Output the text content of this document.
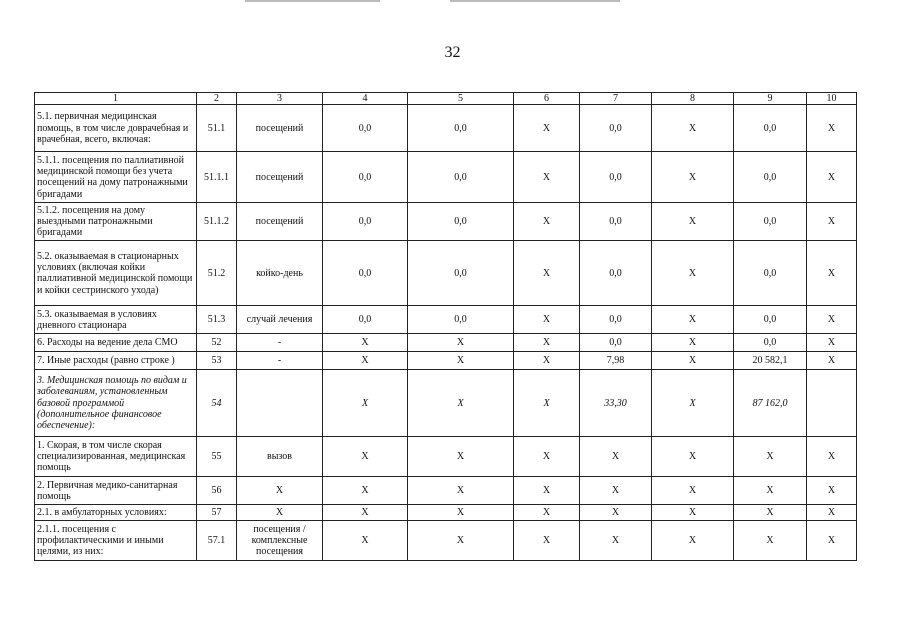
32
1	2	3	4	5	6	7	8	9	10
5.1. первичная медицинская помощь, в том числе доврачебная и врачебная, всего, включая:	51.1	посещений	0,0	0,0	X	0,0	X	0,0	X
5.1.1. посещения по паллиативной медицинской помощи без учета посещений на дому патронажными бригадами	51.1.1	посещений	0,0	0,0	X	0,0	X	0,0	X
5.1.2. посещения на дому выездными патронажными бригадами	51.1.2	посещений	0,0	0,0	X	0,0	X	0,0	X
5.2. оказываемая в стационарных условиях (включая койки паллиативной медицинской помощи и койки сестринского ухода)	51.2	койко-день	0,0	0,0	X	0,0	X	0,0	X
5.3. оказываемая в условиях дневного стационара	51.3	случай лечения	0,0	0,0	X	0,0	X	0,0	X
6. Расходы на ведение дела СМО	52	-	X	X	X	0,0	X	0,0	X
7. Иные расходы (равно строке )	53	-	X	X	X	7,98	X	20 582,1	X
3. Медицинская помощь по видам и заболеваниям, установленным базовой программой (дополнительное финансовое обеспечение):	54		X	X	X	33,30	X	87 162,0	
1. Скорая, в том числе скорая специализированная, медицинская помощь	55	вызов	X	X	X	X	X	X	X
2. Первичная медико-санитарная помощь	56	X	X	X	X	X	X	X	X
2.1. в амбулаторных условиях:	57	X	X	X	X	X	X	X	X
2.1.1. посещения с профилактическими и иными целями, из них:	57.1	посещения / комплексные посещения	X	X	X	X	X	X	X
